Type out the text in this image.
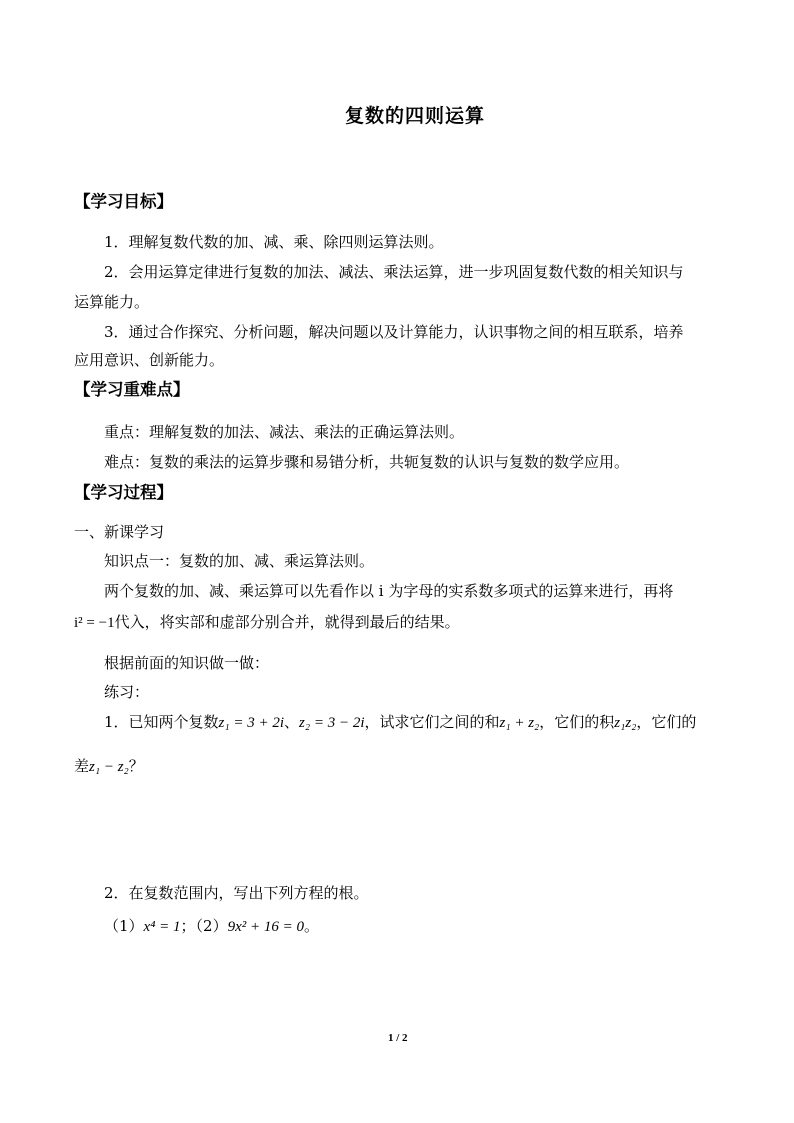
复数的四则运算
【学习目标】
1．理解复数代数的加、减、乘、除四则运算法则。
2．会用运算定律进行复数的加法、减法、乘法运算，进一步巩固复数代数的相关知识与
运算能力。
3．通过合作探究、分析问题，解决问题以及计算能力，认识事物之间的相互联系，培养
应用意识、创新能力。
【学习重难点】
重点：理解复数的加法、减法、乘法的正确运算法则。
难点：复数的乘法的运算步骤和易错分析，共轭复数的认识与复数的数学应用。
【学习过程】
一、新课学习
知识点一：复数的加、减、乘运算法则。
两个复数的加、减、乘运算可以先看作以 i 为字母的实系数多项式的运算来进行，再将
i² = −1代入，将实部和虚部分别合并，就得到最后的结果。
根据前面的知识做一做：
练习：
1．已知两个复数z₁ = 3 + 2i、z₂ = 3 − 2i，试求它们之间的和z₁ + z₂，它们的积z₁z₂，它们的
差z₁ − z₂？
2．在复数范围内，写出下列方程的根。
（1）x⁴ = 1；（2）9x² + 16 = 0。
1 / 2
